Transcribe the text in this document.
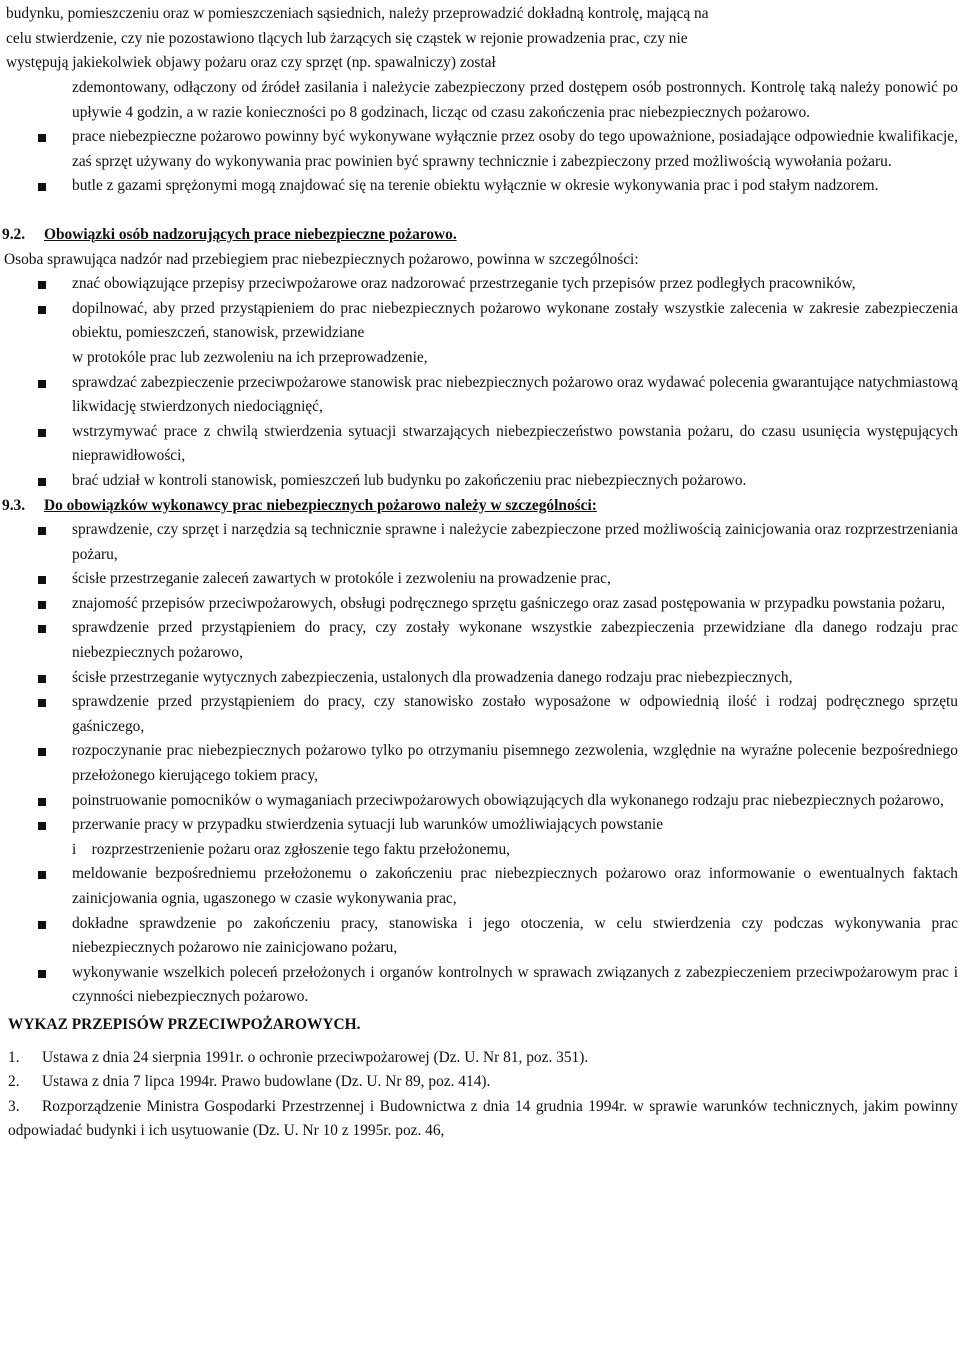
budynku, pomieszczeniu oraz w pomieszczeniach sąsiednich, należy przeprowadzić dokładną kontrolę, mającą na

celu stwierdzenie, czy nie pozostawiono tlących lub żarzących się cząstek w rejonie prowadzenia prac, czy nie

występują jakiekolwiek objawy pożaru oraz czy sprzęt (np. spawalniczy) został

zdemontowany, odłączony od źródeł zasilania i należycie zabezpieczony przed dostępem osób postronnych. Kontrolę taką należy ponowić po upływie 4 godzin, a w razie konieczności po 8 godzinach, licząc od czasu zakończenia prac niebezpiecznych pożarowo.

prace niebezpieczne pożarowo powinny być wykonywane wyłącznie przez osoby do tego upoważnione, posiadające odpowiednie kwalifikacje, zaś sprzęt używany do wykonywania prac powinien być sprawny technicznie i zabezpieczony przed możliwością wywołania pożaru.

butle z gazami sprężonymi mogą znajdować się na terenie obiektu wyłącznie w okresie wykonywania prac i pod stałym nadzorem.

9.2.	Obowiązki osób nadzorujących prace niebezpieczne pożarowo.

Osoba sprawująca nadzór nad przebiegiem prac niebezpiecznych pożarowo, powinna w szczególności:

znać obowiązujące przepisy przeciwpożarowe oraz nadzorować przestrzeganie tych przepisów przez podległych pracowników,

dopilnować, aby przed przystąpieniem do prac niebezpiecznych pożarowo wykonane zostały wszystkie zalecenia w zakresie zabezpieczenia obiektu, pomieszczeń, stanowisk, przewidziane

w protokóle prac lub zezwoleniu na ich przeprowadzenie,

sprawdzać zabezpieczenie przeciwpożarowe stanowisk prac niebezpiecznych pożarowo oraz wydawać polecenia gwarantujące natychmiastową likwidację stwierdzonych niedociągnięć,

wstrzymywać prace z chwilą stwierdzenia sytuacji stwarzających niebezpieczeństwo powstania pożaru, do czasu usunięcia występujących nieprawidłowości,

brać udział w kontroli stanowisk, pomieszczeń lub budynku po zakończeniu prac niebezpiecznych pożarowo.

9.3.	Do obowiązków wykonawcy prac niebezpiecznych pożarowo należy w szczególności:

sprawdzenie, czy sprzęt i narzędzia są technicznie sprawne i należycie zabezpieczone przed możliwością zainicjowania oraz rozprzestrzeniania pożaru,

ścisłe przestrzeganie zaleceń zawartych w protokóle i zezwoleniu na prowadzenie prac,

znajomość przepisów przeciwpożarowych, obsługi podręcznego sprzętu gaśniczego oraz zasad postępowania w przypadku powstania pożaru,

sprawdzenie przed przystąpieniem do pracy, czy zostały wykonane wszystkie zabezpieczenia przewidziane dla danego rodzaju prac niebezpiecznych pożarowo,

ścisłe przestrzeganie wytycznych zabezpieczenia, ustalonych dla prowadzenia danego rodzaju prac niebezpiecznych,

sprawdzenie przed przystąpieniem do pracy, czy stanowisko zostało wyposażone w odpowiednią ilość i rodzaj podręcznego sprzętu gaśniczego,

rozpoczynanie prac niebezpiecznych pożarowo tylko po otrzymaniu pisemnego zezwolenia, względnie na wyraźne polecenie bezpośredniego przełożonego kierującego tokiem pracy,

poinstruowanie pomocników o wymaganiach przeciwpożarowych obowiązujących dla wykonanego rodzaju prac niebezpiecznych pożarowo,

przerwanie pracy w przypadku stwierdzenia sytuacji lub warunków umożliwiających powstanie

i    rozprzestrzenienie pożaru oraz zgłoszenie tego faktu przełożonemu,

meldowanie bezpośredniemu przełożonemu o zakończeniu prac niebezpiecznych pożarowo oraz informowanie o ewentualnych faktach zainicjowania ognia, ugaszonego w czasie wykonywania prac,

dokładne sprawdzenie po zakończeniu pracy, stanowiska i jego otoczenia, w celu stwierdzenia czy podczas wykonywania prac niebezpiecznych pożarowo nie zainicjowano pożaru,

wykonywanie wszelkich poleceń przełożonych i organów kontrolnych w sprawach związanych z zabezpieczeniem przeciwpożarowym prac i czynności niebezpiecznych pożarowo.

WYKAZ PRZEPISÓW PRZECIWPOŻAROWYCH.
1. Ustawa z dnia 24 sierpnia 1991r. o ochronie przeciwpożarowej (Dz. U. Nr 81, poz. 351).

2. Ustawa z dnia 7 lipca 1994r. Prawo budowlane (Dz. U. Nr 89, poz. 414).

3. Rozporządzenie Ministra Gospodarki Przestrzennej i Budownictwa z dnia 14 grudnia 1994r. w sprawie warunków technicznych, jakim powinny odpowiadać budynki i ich usytuowanie (Dz. U. Nr 10 z 1995r. poz. 46,
